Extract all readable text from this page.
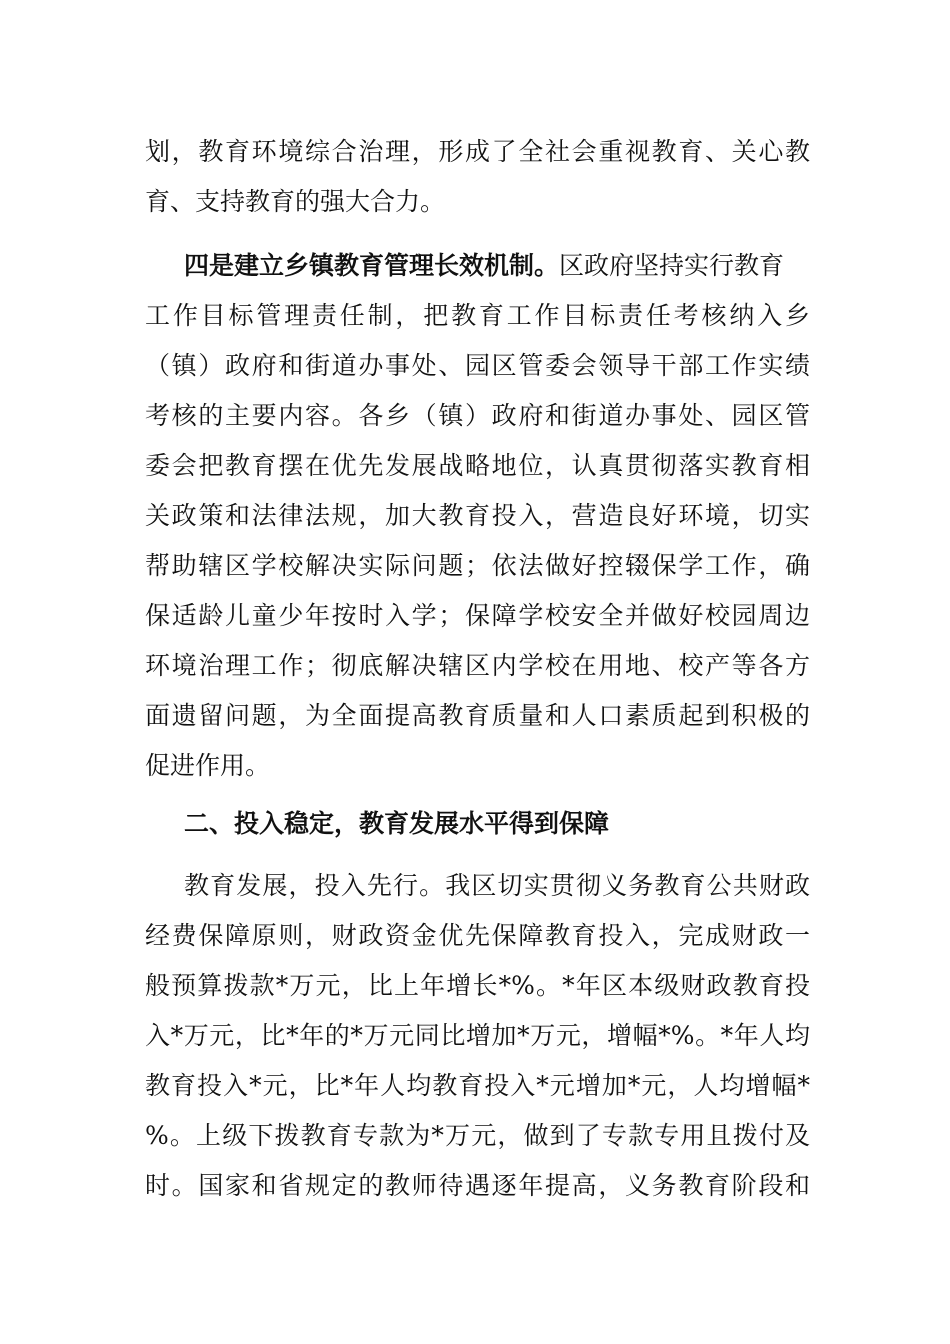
划，教育环境综合治理，形成了全社会重视教育、关心教
育、支持教育的强大合力。
四是建立乡镇教育管理长效机制。区政府坚持实行教育
工作目标管理责任制，把教育工作目标责任考核纳入乡
（镇）政府和街道办事处、园区管委会领导干部工作实绩
考核的主要内容。各乡（镇）政府和街道办事处、园区管
委会把教育摆在优先发展战略地位，认真贯彻落实教育相
关政策和法律法规，加大教育投入，营造良好环境，切实
帮助辖区学校解决实际问题；依法做好控辍保学工作，确
保适龄儿童少年按时入学；保障学校安全并做好校园周边
环境治理工作；彻底解决辖区内学校在用地、校产等各方
面遗留问题，为全面提高教育质量和人口素质起到积极的
促进作用。
二、投入稳定，教育发展水平得到保障
教育发展，投入先行。我区切实贯彻义务教育公共财政
经费保障原则，财政资金优先保障教育投入，完成财政一
般预算拨款*万元，比上年增长*%。*年区本级财政教育投
入*万元，比*年的*万元同比增加*万元，增幅*%。*年人均
教育投入*元，比*年人均教育投入*元增加*元，人均增幅*
%。上级下拨教育专款为*万元，做到了专款专用且拨付及
时。国家和省规定的教师待遇逐年提高，义务教育阶段和
